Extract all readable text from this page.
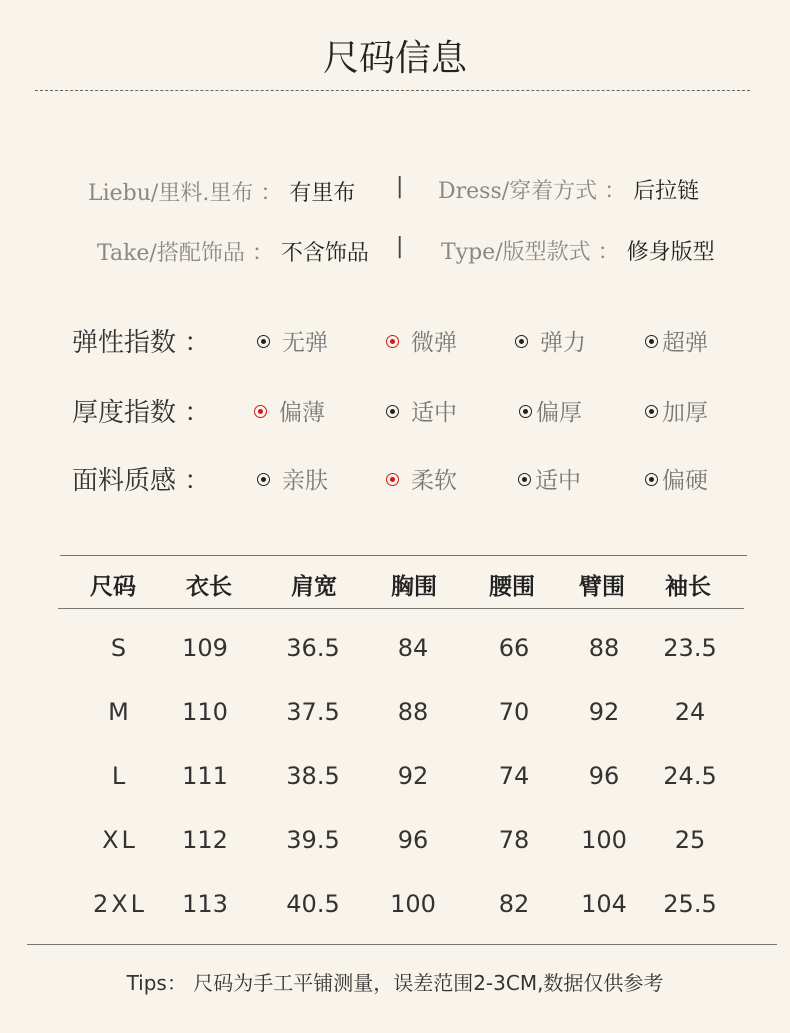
尺码信息
Liebu/里料.里布 ： 有里布 | Dress/穿着方式 ： 后拉链
Take/搭配饰品 ： 不含饰品 | Type/版型款式 ： 修身版型
弹性指数 ：	无弹	微弹	弹力	超弹
厚度指数 ：	偏薄	适中	偏厚	加厚
面料质感 ：	亲肤	柔软	适中	偏硬
尺码 衣长	肩宽 胸围 腰围 臂围 袖长
S 109 36.5 84	66 88 23.5
M 110 37.5 88	70 92 24
L 111 38.5 92	74 96 24.5
XL 112 39.5 96	78 100 25
2XL 113 40.5 100	82 104 25.5
Tips： 尺码为手工平铺测量，误差范围2-3CM,数据仅供参考
